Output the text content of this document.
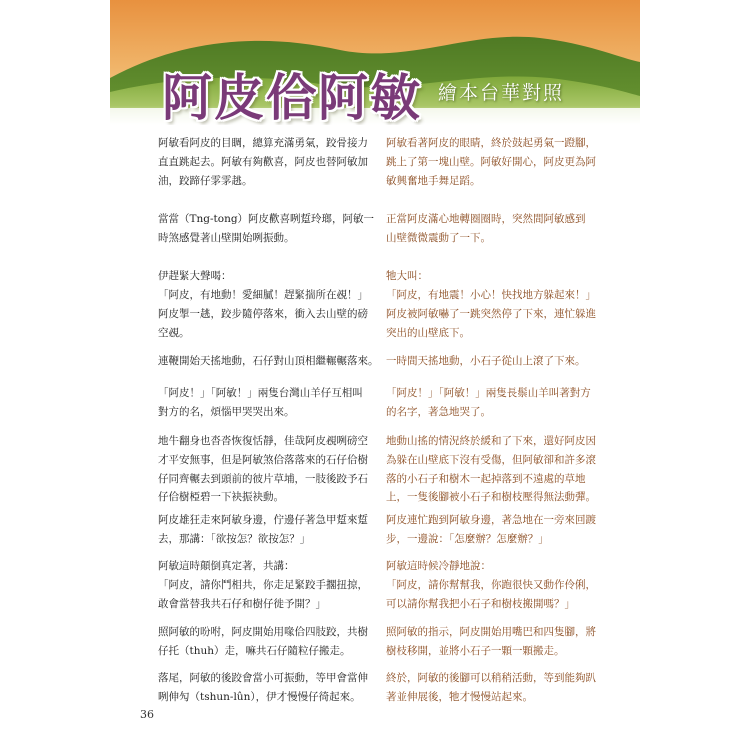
阿皮佮阿敏 繪本台華對照
阿敏看阿皮的目睭，總算充滿勇氣，跤骨接力
直直跳起去。阿敏有夠歡喜，阿皮也替阿敏加
油，跤蹄仔雺雺趒。
阿敏看著阿皮的眼睛，終於鼓起勇氣一蹬腳，
跳上了第一塊山壁。阿敏好開心，阿皮更為阿
敏興奮地手舞足蹈。
當當（Tng-tong）阿皮歡喜咧踅玲瑯，阿敏一
時煞感覺著山壁開始咧振動。
正當阿皮滿心地轉圈圈時，突然間阿敏感到
山壁微微震動了一下。
伊趕緊大聲喝：
「阿皮，有地動！愛細膩！趕緊揣所在覕！」
牠大叫：
「阿皮，有地震！小心！快找地方躲起來！」
阿皮掣一趒，跤步隨停落來，衝入去山壁的磅
空覕。
阿皮被阿敏嚇了一跳突然停了下來，連忙躲進
突出的山壁底下。
連鞭開始天搖地動，石仔對山頂相繼輾輾落來。 一時間天搖地動，小石子從山上滾了下來。
「阿皮！」「阿敏！」兩隻台灣山羊仔互相叫
對方的名，煩惱甲哭哭出來。
「阿皮！」「阿敏！」兩隻長鬃山羊叫著對方
的名字，著急地哭了。
地牛翻身也沓沓恢復恬靜，佳哉阿皮覕咧磅空
才平安無事，但是阿敏煞佮落落來的石仔佮樹
仔同齊輾去到頭前的彼片草埔，一肢後跤予石
仔佮樹椏碧一下袂振袂動。
地動山搖的情況終於緩和了下來，還好阿皮因
為躲在山壁底下沒有受傷，但阿敏卻和許多滾
落的小石子和樹木一起掉落到不遠處的草地
上，一隻後腳被小石子和樹枝壓得無法動彈。
阿皮雄狂走來阿敏身邊，佇邊仔著急甲踅來踅
去，那講：「欲按怎？欲按怎？」
阿皮連忙跑到阿敏身邊，著急地在一旁來回踱
步，一邊說：「怎麼辦？怎麼辦？」
阿敏這時顛倒真定著，共講：
「阿皮，請你鬥相共，你走足緊跤手擱扭掠，
敢會當替我共石仔和樹仔徙予開？」
阿敏這時候冷靜地說：
「阿皮，請你幫幫我，你跑很快又動作伶俐，
可以請你幫我把小石子和樹枝搬開嗎？」
照阿敏的吩咐，阿皮開始用喙佮四肢跤，共樹
仔托（thuh）走，嘛共石仔隨粒仔搬走。
照阿敏的指示，阿皮開始用嘴巴和四隻腳，將
樹枝移開，並將小石子一顆一顆搬走。
落尾，阿敏的後跤會當小可振動，等甲會當伸
咧伸勼（tshun-lûn），伊才慢慢仔徛起來。
終於，阿敏的後腳可以稍稍活動，等到能夠趴
著並伸展後，牠才慢慢站起來。
36
